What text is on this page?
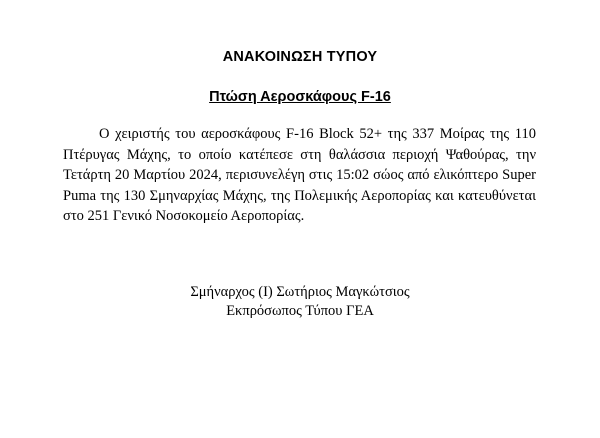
ΑΝΑΚΟΙΝΩΣΗ ΤΥΠΟΥ
Πτώση Αεροσκάφους F-16

Ο χειριστής του αεροσκάφους F-16 Block 52+ της 337 Μοίρας της 110 Πτέρυγας Μάχης, το οποίο κατέπεσε στη θαλάσσια περιοχή Ψαθούρας, την Τετάρτη 20 Μαρτίου 2024, περισυνελέγη στις 15:02 σώος από ελικόπτερο Super Puma της 130 Σμηναρχίας Μάχης, της Πολεμικής Αεροπορίας και κατευθύνεται στο 251 Γενικό Νοσοκομείο Αεροπορίας.

Σμήναρχος (Ι) Σωτήριος Μαγκώτσιος
Εκπρόσωπος Τύπου ΓΕΑ
